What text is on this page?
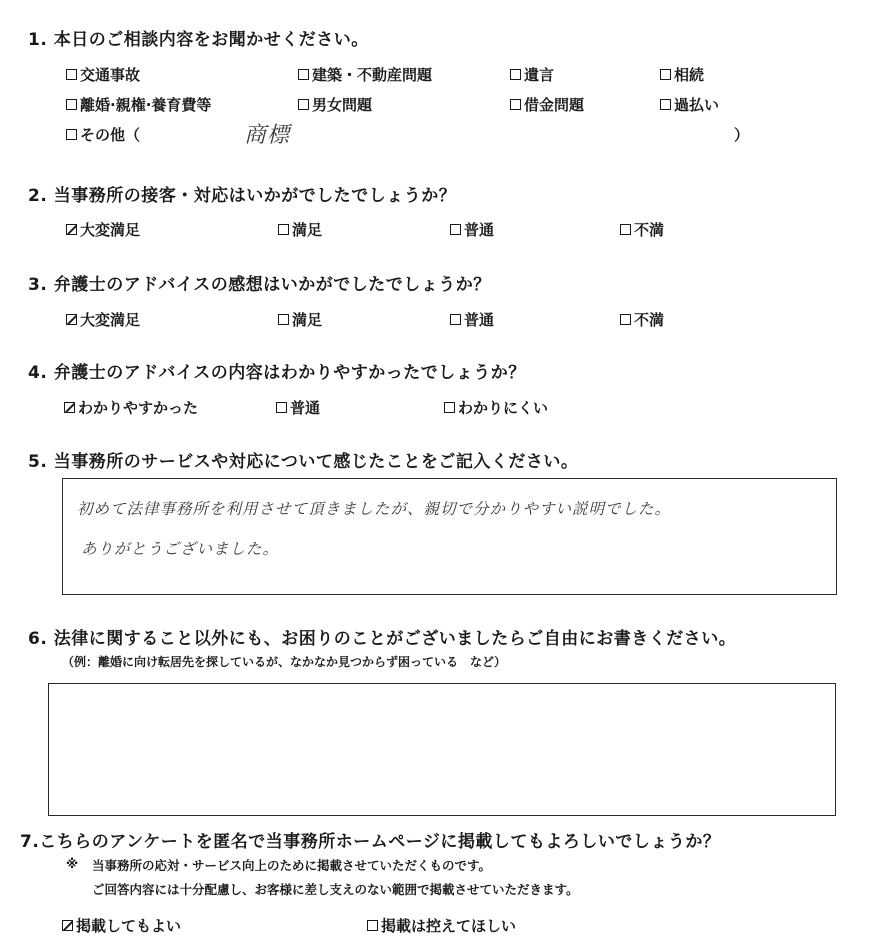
1. 本日のご相談内容をお聞かせください。
交通事故	建築・不動産問題	遺言	相続
離婚·親権·養育費等	男女問題	借金問題	過払い
その他（	商標	）
2. 当事務所の接客・対応はいかがでしたでしょうか？
大変満足	満足	普通	不満
3. 弁護士のアドバイスの感想はいかがでしたでしょうか？
大変満足	満足	普通	不満
4. 弁護士のアドバイスの内容はわかりやすかったでしょうか？
わかりやすかった	普通	わかりにくい
5. 当事務所のサービスや対応について感じたことをご記入ください。
初めて法律事務所を利用させて頂きましたが、親切で分かりやすい説明でした。
ありがとうございました。
6. 法律に関すること以外にも、お困りのことがございましたらご自由にお書きください。
（例：離婚に向け転居先を探しているが、なかなか見つからず困っている　など）
7.こちらのアンケートを匿名で当事務所ホームページに掲載してもよろしいでしょうか？
※ 当事務所の応対・サービス向上のために掲載させていただくものです。
ご回答内容には十分配慮し、お客様に差し支えのない範囲で掲載させていただきます。
掲載してもよい	掲載は控えてほしい
